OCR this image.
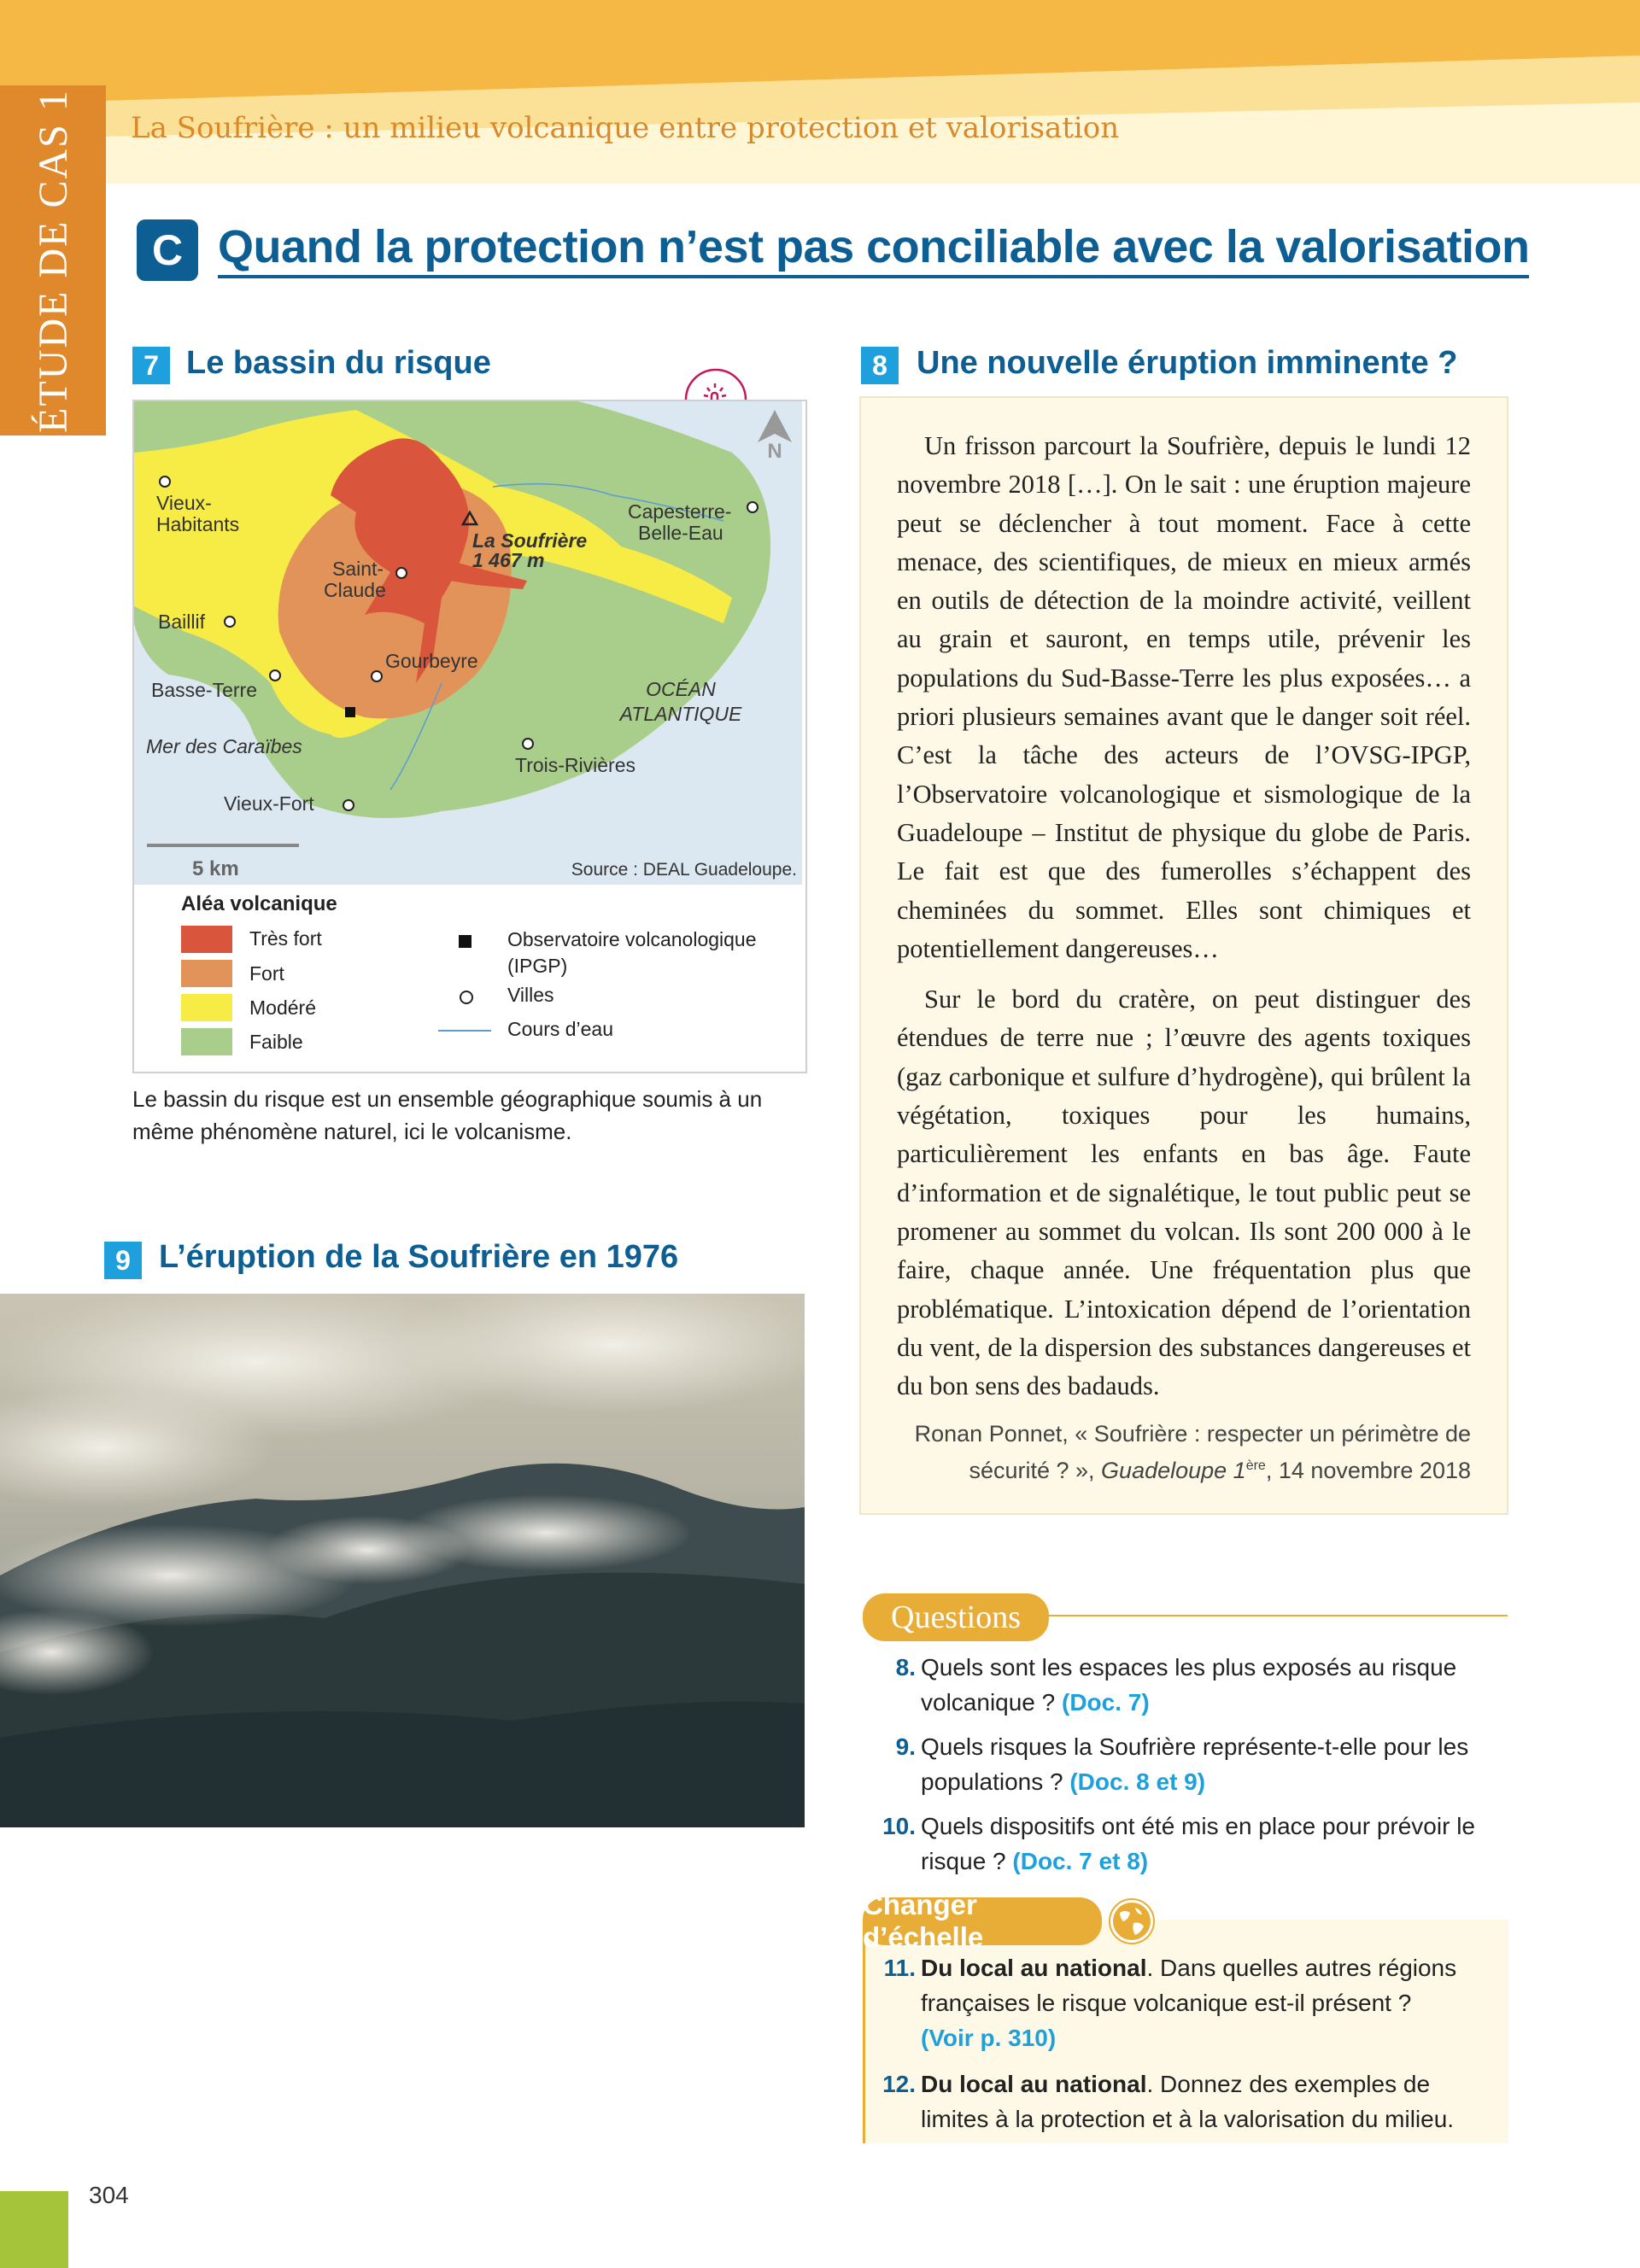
ÉTUDE DE CAS 1 La Soufrière : un milieu volcanique entre protection et valorisation
C Quand la protection n’est pas conciliable avec la valorisation
7 Le bassin du risque
N
Vieux-
Habitants
Capesterre-
Belle-Eau
La Soufrière
1 467 m
Saint-
Claude
Baillif
Gourbeyre
Basse-Terre	OCÉAN
ATLANTIQUE
Mer des Caraïbes
Trois-Rivières
Vieux-Fort
5 km	Source : DEAL Guadeloupe.
Aléa volcanique
Très fort
Fort
Modéré
Faible
Observatoire volcanologique
(IPGP)
Villes
Cours d’eau
Le bassin du risque est un ensemble géographique soumis à un même phénomène naturel, ici le volcanisme.
9 L’éruption de la Soufrière en 1976
8 Une nouvelle éruption imminente ?

Un frisson parcourt la Soufrière, depuis le lundi 12 novembre 2018 […]. On le sait : une éruption majeure peut se déclencher à tout moment. Face à cette menace, des scientifiques, de mieux en mieux armés en outils de détection de la moindre activité, veillent au grain et sauront, en temps utile, prévenir les populations du Sud-Basse-Terre les plus exposées… a priori plusieurs semaines avant que le danger soit réel. C’est la tâche des acteurs de l’OVSG-IPGP, l’Observatoire volcanologique et sismologique de la Guadeloupe – Institut de physique du globe de Paris. Le fait est que des fumerolles s’échappent des cheminées du sommet. Elles sont chimiques et potentiellement dangereuses…

Sur le bord du cratère, on peut distinguer des étendues de terre nue ; l’œuvre des agents toxiques (gaz carbonique et sulfure d’hydrogène), qui brûlent la végétation, toxiques pour les humains, particulièrement les enfants en bas âge. Faute d’information et de signalétique, le tout public peut se promener au sommet du volcan. Ils sont 200 000 à le faire, chaque année. Une fréquentation plus que problématique. L’intoxication dépend de l’orientation du vent, de la dispersion des substances dangereuses et du bon sens des badauds.

Ronan Ponnet, « Soufrière : respecter un périmètre de sécurité ? », Guadeloupe 1ère, 14 novembre 2018
Questions
8. Quels sont les espaces les plus exposés au risque volcanique ? (Doc. 7)
9. Quels risques la Soufrière représente-t-elle pour les populations ? (Doc. 8 et 9)
10. Quels dispositifs ont été mis en place pour prévoir le risque ? (Doc. 7 et 8)
Changer d’échelle
11. Du local au national. Dans quelles autres régions françaises le risque volcanique est-il présent ?
(Voir p. 310)
12. Du local au national. Donnez des exemples de limites à la protection et à la valorisation du milieu.
304
